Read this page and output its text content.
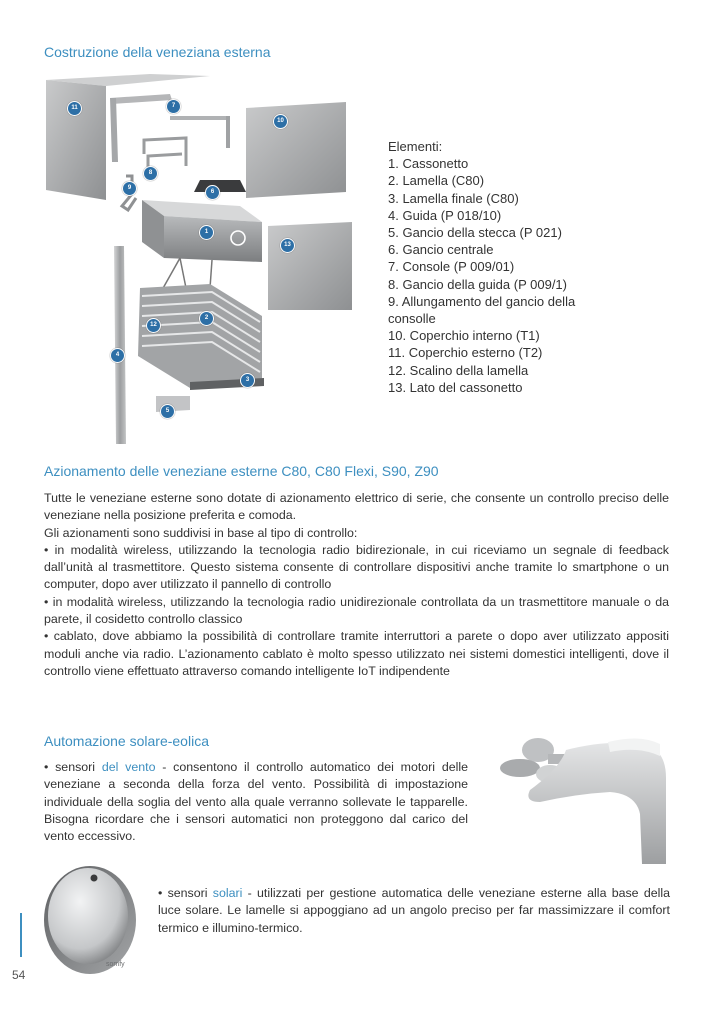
Costruzione della veneziana esterna
11	7
10
8
9
6
1
13
2
12
4
3
5
Elementi:
1. Cassonetto
2. Lamella (C80)
3. Lamella finale (C80)
4. Guida (P 018/10)
5. Gancio della stecca (P 021)
6. Gancio centrale
7. Console (P 009/01)
8. Gancio della guida (P 009/1)
9. Allungamento del gancio della
consolle
10. Coperchio interno (T1)
11. Coperchio esterno (T2)
12. Scalino della lamella
13. Lato del cassonetto
Azionamento delle veneziane esterne C80, C80 Flexi, S90, Z90

Tutte le veneziane esterne sono dotate di azionamento elettrico di serie, che consente un controllo preciso delle veneziane nella posizione preferita e comoda.

Gli azionamenti sono suddivisi in base al tipo di controllo:

• in modalità wireless, utilizzando la tecnologia radio bidirezionale, in cui riceviamo un segnale di feedback dall’unità al trasmettitore. Questo sistema consente di controllare dispositivi anche tramite lo smartphone o un computer, dopo aver utilizzato il pannello di controllo

• in modalità wireless, utilizzando la tecnologia radio unidirezionale controllata da un trasmettitore manuale o da parete, il cosidetto controllo classico

• cablato, dove abbiamo la possibilità di controllare tramite interruttori a parete o dopo aver utilizzato appositi moduli anche via radio. L’azionamento cablato è molto spesso utilizzato nei sistemi domestici intelligenti, dove il controllo viene effettuato attraverso comando intelligente IoT indipendente

Automazione solare-eolica
• sensori del vento - consentono il controllo automatico dei motori delle veneziane a seconda della forza del vento. Possibilità di impostazione individuale della soglia del vento alla quale verranno sollevate le tapparelle. Bisogna ricordare che i sensori automatici non proteggono dal carico del vento eccessivo.
somfy
• sensori solari - utilizzati per gestione automatica delle veneziane esterne alla base della luce solare. Le lamelle si appoggiano ad un angolo preciso per far massimizzare il comfort termico e illumino-termico.
54
